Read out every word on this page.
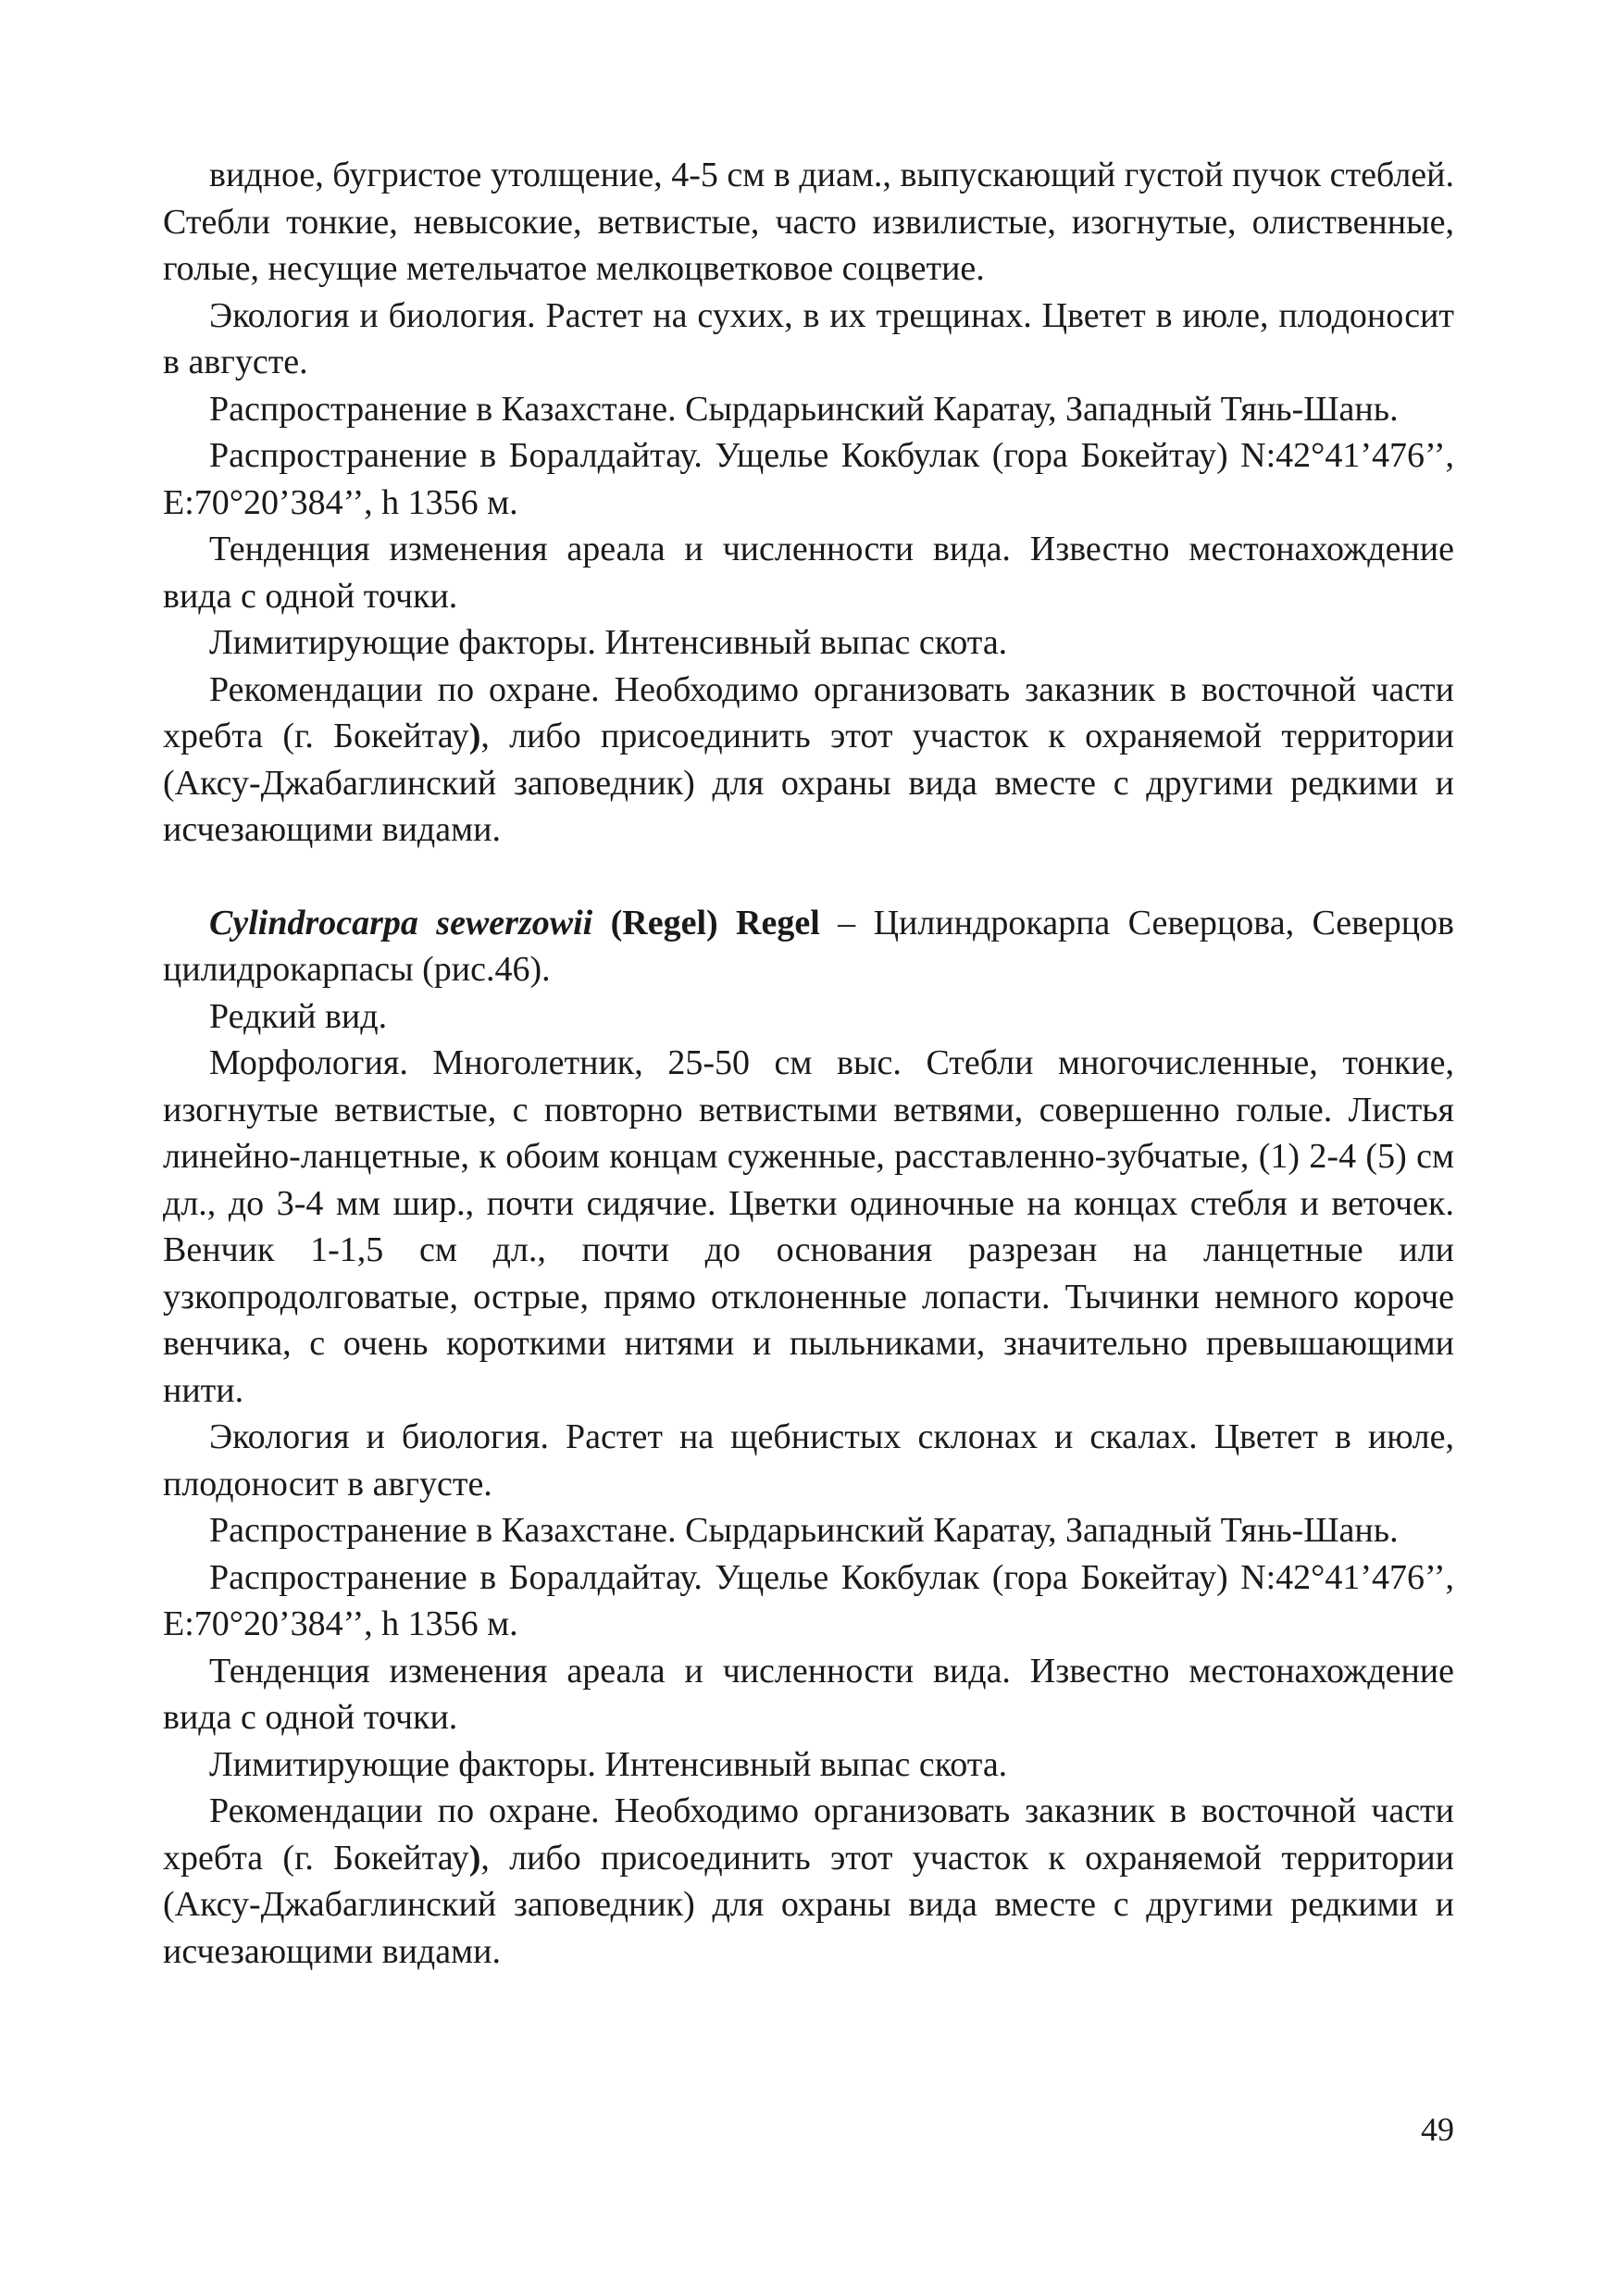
видное, бугристое утолщение, 4-5 см в диам., выпускающий густой пучок стеблей. Стебли тонкие, невысокие, ветвистые, часто извилистые, изогнутые, олиственные, голые, несущие метельчатое мелкоцветковое соцветие.

Экология и биология. Растет на сухих, в их трещинах. Цветет в июле, плодоносит в августе.

Распространение в Казахстане. Сырдарьинский Каратау, Западный Тянь-Шань.

Распространение в Боралдайтау. Ущелье Кокбулак (гора Бокейтау) N:42°41’476’’, E:70°20’384’’, h 1356 м.

Тенденция изменения ареала и численности вида. Известно местонахождение вида с одной точки.

Лимитирующие факторы. Интенсивный выпас скота.

Рекомендации по охране. Необходимо организовать заказник в восточной части хребта (г. Бокейтау), либо присоединить этот участок к охраняемой территории (Аксу-Джабаглинский заповедник) для охраны вида вместе с другими редкими и исчезающими видами.

Cylindrocarpa sewerzowii (Regel) Regel – Цилиндрокарпа Северцова, Северцов цилидрокарпасы (рис.46).

Редкий вид.

Морфология. Многолетник, 25-50 см выс. Стебли многочисленные, тонкие, изогнутые ветвистые, с повторно ветвистыми ветвями, совершенно голые. Листья линейно-ланцетные, к обоим концам суженные, расставленно-зубчатые, (1) 2-4 (5) см дл., до 3-4 мм шир., почти сидячие. Цветки одиночные на концах стебля и веточек. Венчик 1-1,5 см дл., почти до основания разрезан на ланцетные или узкопродолговатые, острые, прямо отклоненные лопасти. Тычинки немного короче венчика, с очень короткими нитями и пыльниками, значительно превышающими нити.

Экология и биология. Растет на щебнистых склонах и скалах. Цветет в июле, плодоносит в августе.

Распространение в Казахстане. Сырдарьинский Каратау, Западный Тянь-Шань.

Распространение в Боралдайтау. Ущелье Кокбулак (гора Бокейтау) N:42°41’476’’, E:70°20’384’’, h 1356 м.

Тенденция изменения ареала и численности вида. Известно местонахождение вида с одной точки.

Лимитирующие факторы. Интенсивный выпас скота.

Рекомендации по охране. Необходимо организовать заказник в восточной части хребта (г. Бокейтау), либо присоединить этот участок к охраняемой территории (Аксу-Джабаглинский заповедник) для охраны вида вместе с другими редкими и исчезающими видами.

49
